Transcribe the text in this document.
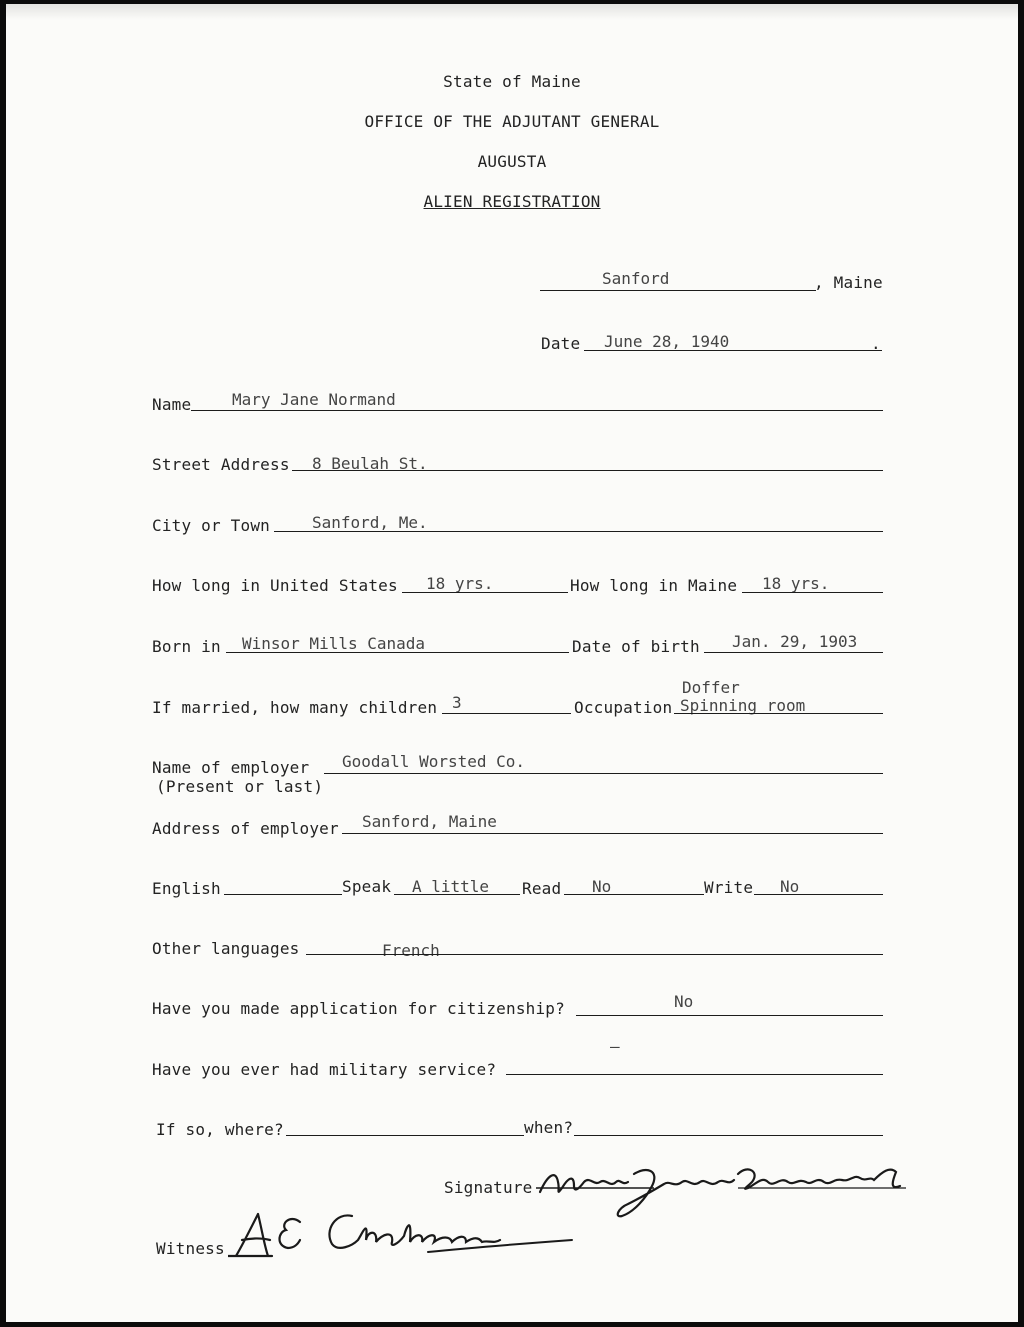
State of Maine
OFFICE OF THE ADJUTANT GENERAL
AUGUSTA
ALIEN REGISTRATION
Sanford	, Maine
Date June 28, 1940	.
Name	Mary Jane Normand
Street Address 8 Beulah St.
City or Town	Sanford, Me.
How long in United States 18 yrs.	How long in Maine 18 yrs.
Born in Winsor Mills Canada	Date of birth Jan. 29, 1903
If married, how many children 3	Occupation
Doffer
Spinning room
Name of employer Goodall Worsted Co.
(Present or last)
Address of employer Sanford, Maine
English	Speak A little Read No	Write No
Other languages	French
Have you made application for citizenship?	No
Have you ever had military service?
—
If so, where?	when?
Signature
Witness
